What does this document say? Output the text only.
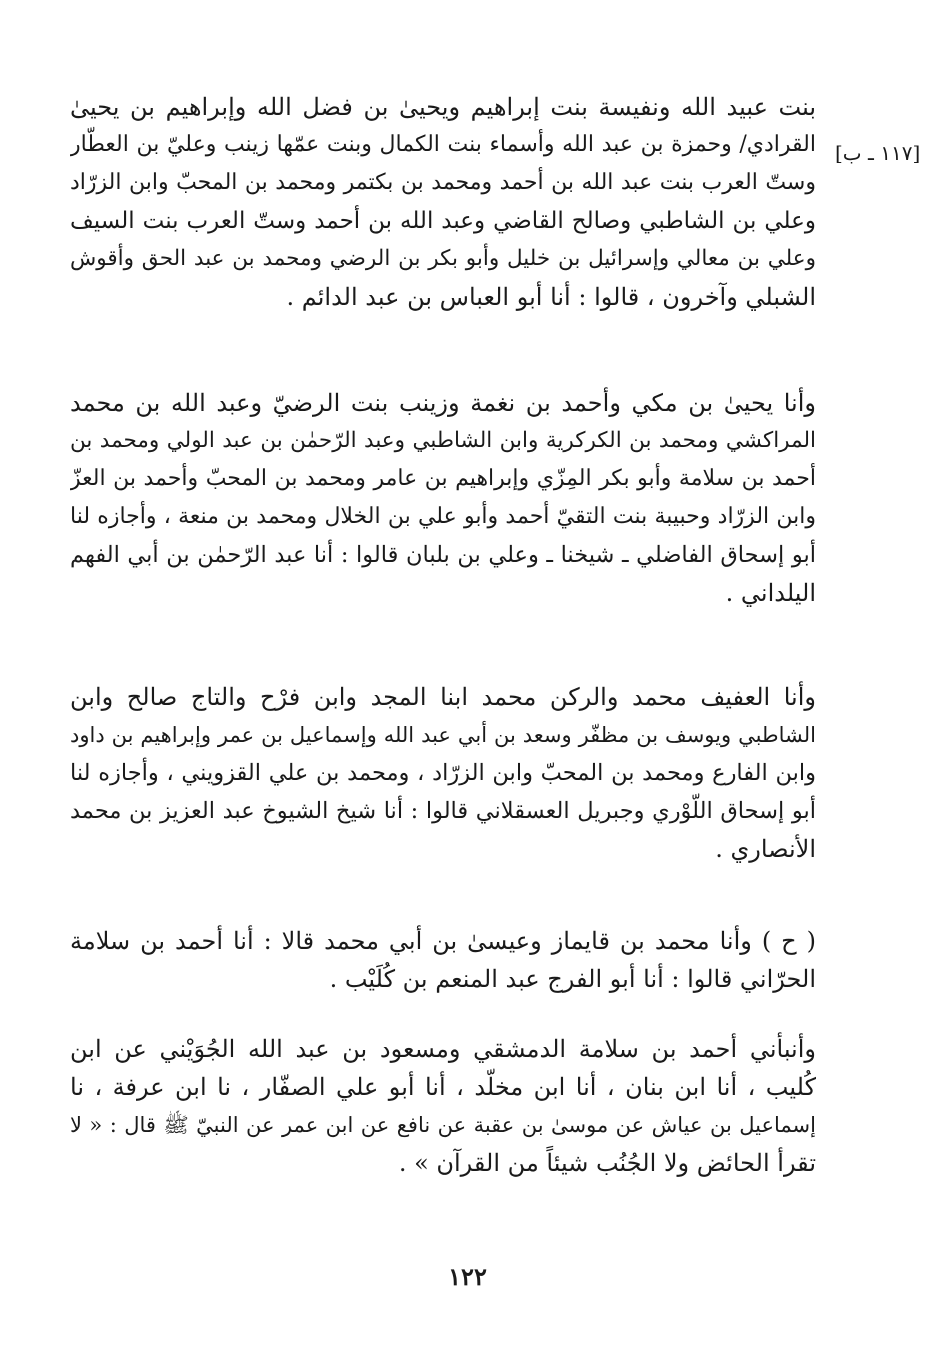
[١١٧ ـ ب]
بنت عبيد الله ونفيسة بنت إبراهيم ويحيىٰ بن فضل الله وإبراهيم بن يحيىٰ
القرادي/ وحمزة بن عبد الله وأسماء بنت الكمال وبنت عمّها زينب وعليّ بن العطّار
وستّ العرب بنت عبد الله بن أحمد ومحمد بن بكتمر ومحمد بن المحبّ وابن الزرّاد
وعلي بن الشاطبي وصالح القاضي وعبد الله بن أحمد وستّ العرب بنت السيف
وعلي بن معالي وإسرائيل بن خليل وأبو بكر بن الرضي ومحمد بن عبد الحق وأقوش
الشبلي وآخرون ، قالوا : أنا أبو العباس بن عبد الدائم .
وأنا يحيىٰ بن مكي وأحمد بن نغمة وزينب بنت الرضيّ وعبد الله بن محمد
المراكشي ومحمد بن الكركرية وابن الشاطبي وعبد الرّحمٰن بن عبد الولي ومحمد بن
أحمد بن سلامة وأبو بكر المِزّي وإبراهيم بن عامر ومحمد بن المحبّ وأحمد بن العزّ
وابن الزرّاد وحبيبة بنت التقيّ أحمد وأبو علي بن الخلال ومحمد بن منعة ، وأجازه لنا
أبو إسحاق الفاضلي ـ شيخنا ـ وعلي بن بلبان قالوا : أنا عبد الرّحمٰن بن أبي الفهم
اليلداني .
وأنا العفيف محمد والركن محمد ابنا المجد وابن فرْح والتاج صالح وابن
الشاطبي ويوسف بن مظفّر وسعد بن أبي عبد الله وإسماعيل بن عمر وإبراهيم بن داود
وابن الفارع ومحمد بن المحبّ وابن الزرّاد ، ومحمد بن علي القزويني ، وأجازه لنا
أبو إسحاق اللّوْري وجبريل العسقلاني قالوا : أنا شيخ الشيوخ عبد العزيز بن محمد
الأنصاري .
( ح ) وأنا محمد بن قايماز وعيسىٰ بن أبي محمد قالا : أنا أحمد بن سلامة
الحرّاني قالوا : أنا أبو الفرج عبد المنعم بن كُلَيْب .
وأنبأني أحمد بن سلامة الدمشقي ومسعود بن عبد الله الجُوَيْني عن ابن
كُليب ، أنا ابن بنان ، أنا ابن مخلّد ، أنا أبو علي الصفّار ، نا ابن عرفة ، نا
إسماعيل بن عياش عن موسىٰ بن عقبة عن نافع عن ابن عمر عن النبيّ ﷺ قال : « لا
تقرأ الحائض ولا الجُنُب شيئاً من القرآن » .
١٢٢
